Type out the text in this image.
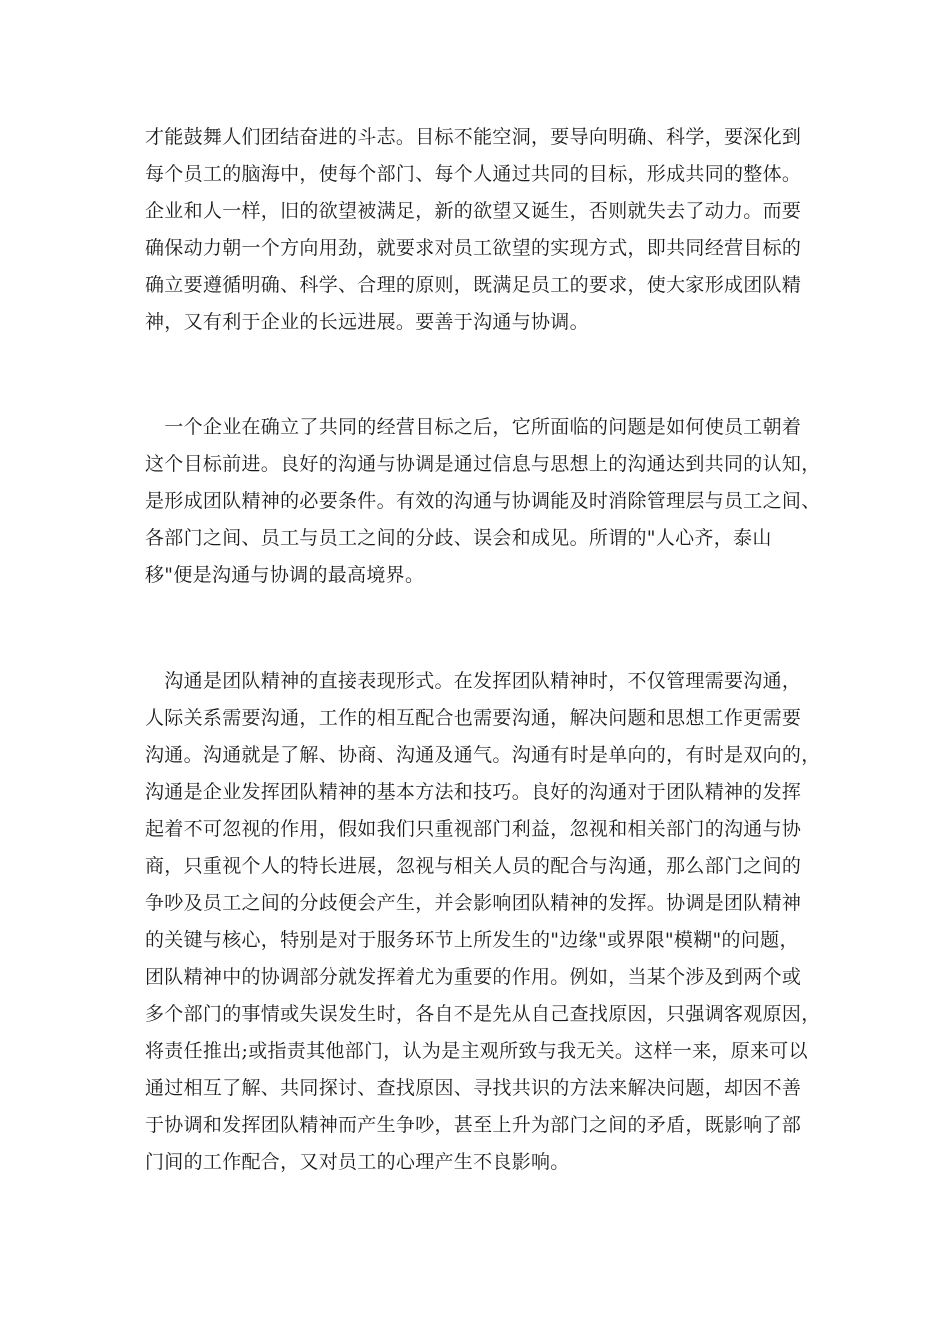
才能鼓舞人们团结奋进的斗志。目标不能空洞，要导向明确、科学，要深化到
每个员工的脑海中，使每个部门、每个人通过共同的目标，形成共同的整体。
企业和人一样，旧的欲望被满足，新的欲望又诞生，否则就失去了动力。而要
确保动力朝一个方向用劲，就要求对员工欲望的实现方式，即共同经营目标的
确立要遵循明确、科学、合理的原则，既满足员工的要求，使大家形成团队精
神，又有利于企业的长远进展。要善于沟通与协调。

　一个企业在确立了共同的经营目标之后，它所面临的问题是如何使员工朝着
这个目标前进。良好的沟通与协调是通过信息与思想上的沟通达到共同的认知，
是形成团队精神的必要条件。有效的沟通与协调能及时消除管理层与员工之间、
各部门之间、员工与员工之间的分歧、误会和成见。所谓的"人心齐，泰山
移"便是沟通与协调的最高境界。

　沟通是团队精神的直接表现形式。在发挥团队精神时，不仅管理需要沟通，
人际关系需要沟通，工作的相互配合也需要沟通，解决问题和思想工作更需要
沟通。沟通就是了解、协商、沟通及通气。沟通有时是单向的，有时是双向的，
沟通是企业发挥团队精神的基本方法和技巧。良好的沟通对于团队精神的发挥
起着不可忽视的作用，假如我们只重视部门利益，忽视和相关部门的沟通与协
商，只重视个人的特长进展，忽视与相关人员的配合与沟通，那么部门之间的
争吵及员工之间的分歧便会产生，并会影响团队精神的发挥。协调是团队精神
的关键与核心，特别是对于服务环节上所发生的"边缘"或界限"模糊"的问题，
团队精神中的协调部分就发挥着尤为重要的作用。例如，当某个涉及到两个或
多个部门的事情或失误发生时，各自不是先从自己查找原因，只强调客观原因，
将责任推出;或指责其他部门，认为是主观所致与我无关。这样一来，原来可以
通过相互了解、共同探讨、查找原因、寻找共识的方法来解决问题，却因不善
于协调和发挥团队精神而产生争吵，甚至上升为部门之间的矛盾，既影响了部
门间的工作配合，又对员工的心理产生不良影响。
